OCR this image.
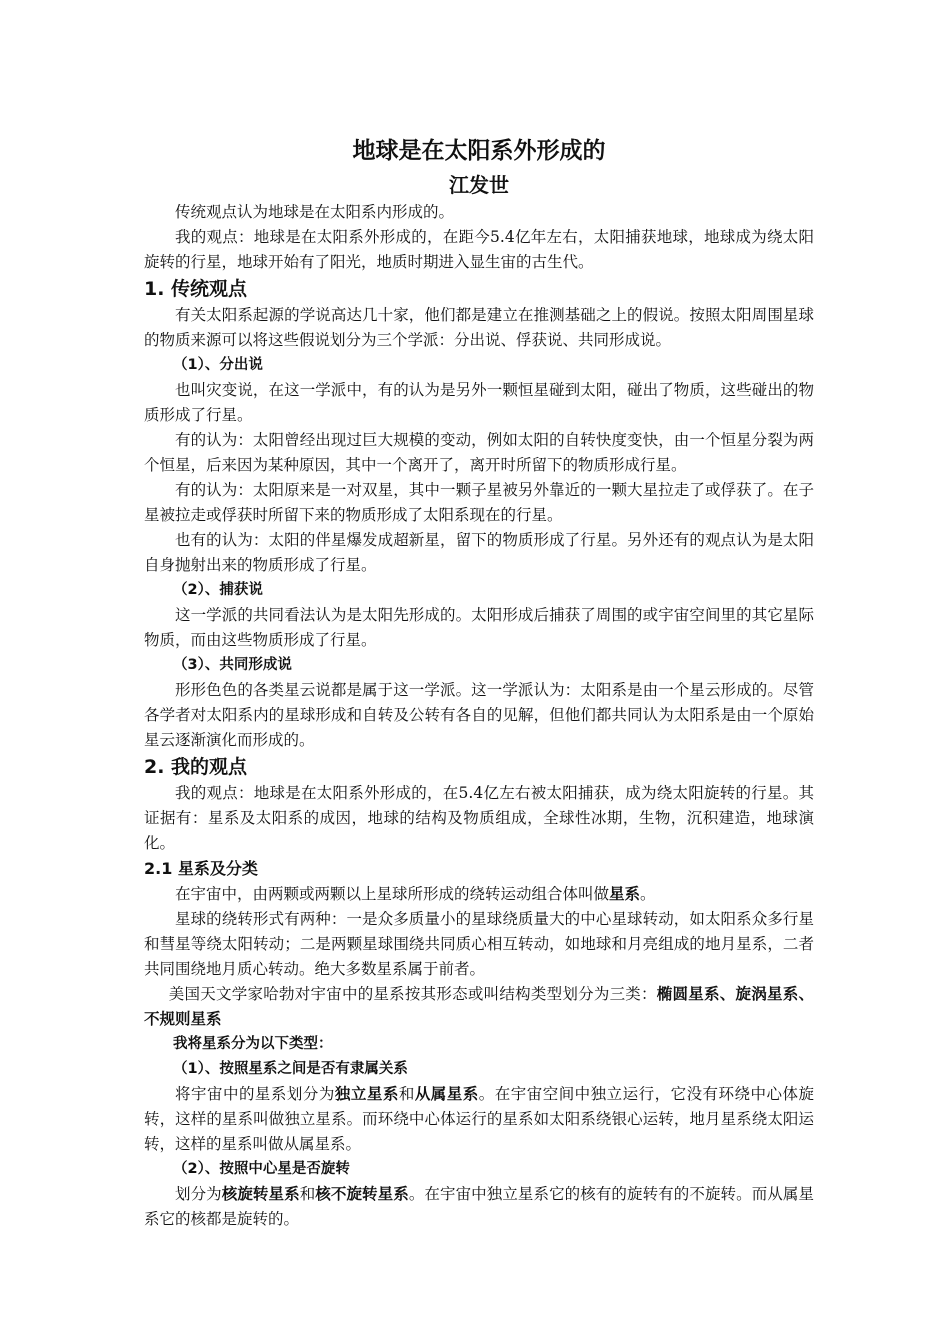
地球是在太阳系外形成的
江发世

传统观点认为地球是在太阳系内形成的。

我的观点：地球是在太阳系外形成的，在距今5.4亿年左右，太阳捕获地球，地球成为绕太阳旋转的行星，地球开始有了阳光，地质时期进入显生宙的古生代。

1. 传统观点

有关太阳系起源的学说高达几十家，他们都是建立在推测基础之上的假说。按照太阳周围星球的物质来源可以将这些假说划分为三个学派：分出说、俘获说、共同形成说。

（1）、分出说

也叫灾变说，在这一学派中，有的认为是另外一颗恒星碰到太阳，碰出了物质，这些碰出的物质形成了行星。

有的认为：太阳曾经出现过巨大规模的变动，例如太阳的自转快度变快，由一个恒星分裂为两个恒星，后来因为某种原因，其中一个离开了，离开时所留下的物质形成行星。

有的认为：太阳原来是一对双星，其中一颗子星被另外靠近的一颗大星拉走了或俘获了。在子星被拉走或俘获时所留下来的物质形成了太阳系现在的行星。

也有的认为：太阳的伴星爆发成超新星，留下的物质形成了行星。另外还有的观点认为是太阳自身抛射出来的物质形成了行星。

（2）、捕获说

这一学派的共同看法认为是太阳先形成的。太阳形成后捕获了周围的或宇宙空间里的其它星际物质，而由这些物质形成了行星。

（3）、共同形成说

形形色色的各类星云说都是属于这一学派。这一学派认为：太阳系是由一个星云形成的。尽管各学者对太阳系内的星球形成和自转及公转有各自的见解，但他们都共同认为太阳系是由一个原始星云逐渐演化而形成的。

2. 我的观点

我的观点：地球是在太阳系外形成的，在5.4亿左右被太阳捕获，成为绕太阳旋转的行星。其证据有：星系及太阳系的成因，地球的结构及物质组成，全球性冰期，生物，沉积建造，地球演化。

2.1 星系及分类

在宇宙中，由两颗或两颗以上星球所形成的绕转运动组合体叫做星系。

星球的绕转形式有两种：一是众多质量小的星球绕质量大的中心星球转动，如太阳系众多行星和彗星等绕太阳转动；二是两颗星球围绕共同质心相互转动，如地球和月亮组成的地月星系，二者共同围绕地月质心转动。绝大多数星系属于前者。

美国天文学家哈勃对宇宙中的星系按其形态或叫结构类型划分为三类：椭圆星系、旋涡星系、不规则星系

我将星系分为以下类型：
（1）、按照星系之间是否有隶属关系

将宇宙中的星系划分为独立星系和从属星系。在宇宙空间中独立运行，它没有环绕中心体旋转，这样的星系叫做独立星系。而环绕中心体运行的星系如太阳系绕银心运转，地月星系绕太阳运转，这样的星系叫做从属星系。

（2）、按照中心星是否旋转

划分为核旋转星系和核不旋转星系。在宇宙中独立星系它的核有的旋转有的不旋转。而从属星系它的核都是旋转的。
